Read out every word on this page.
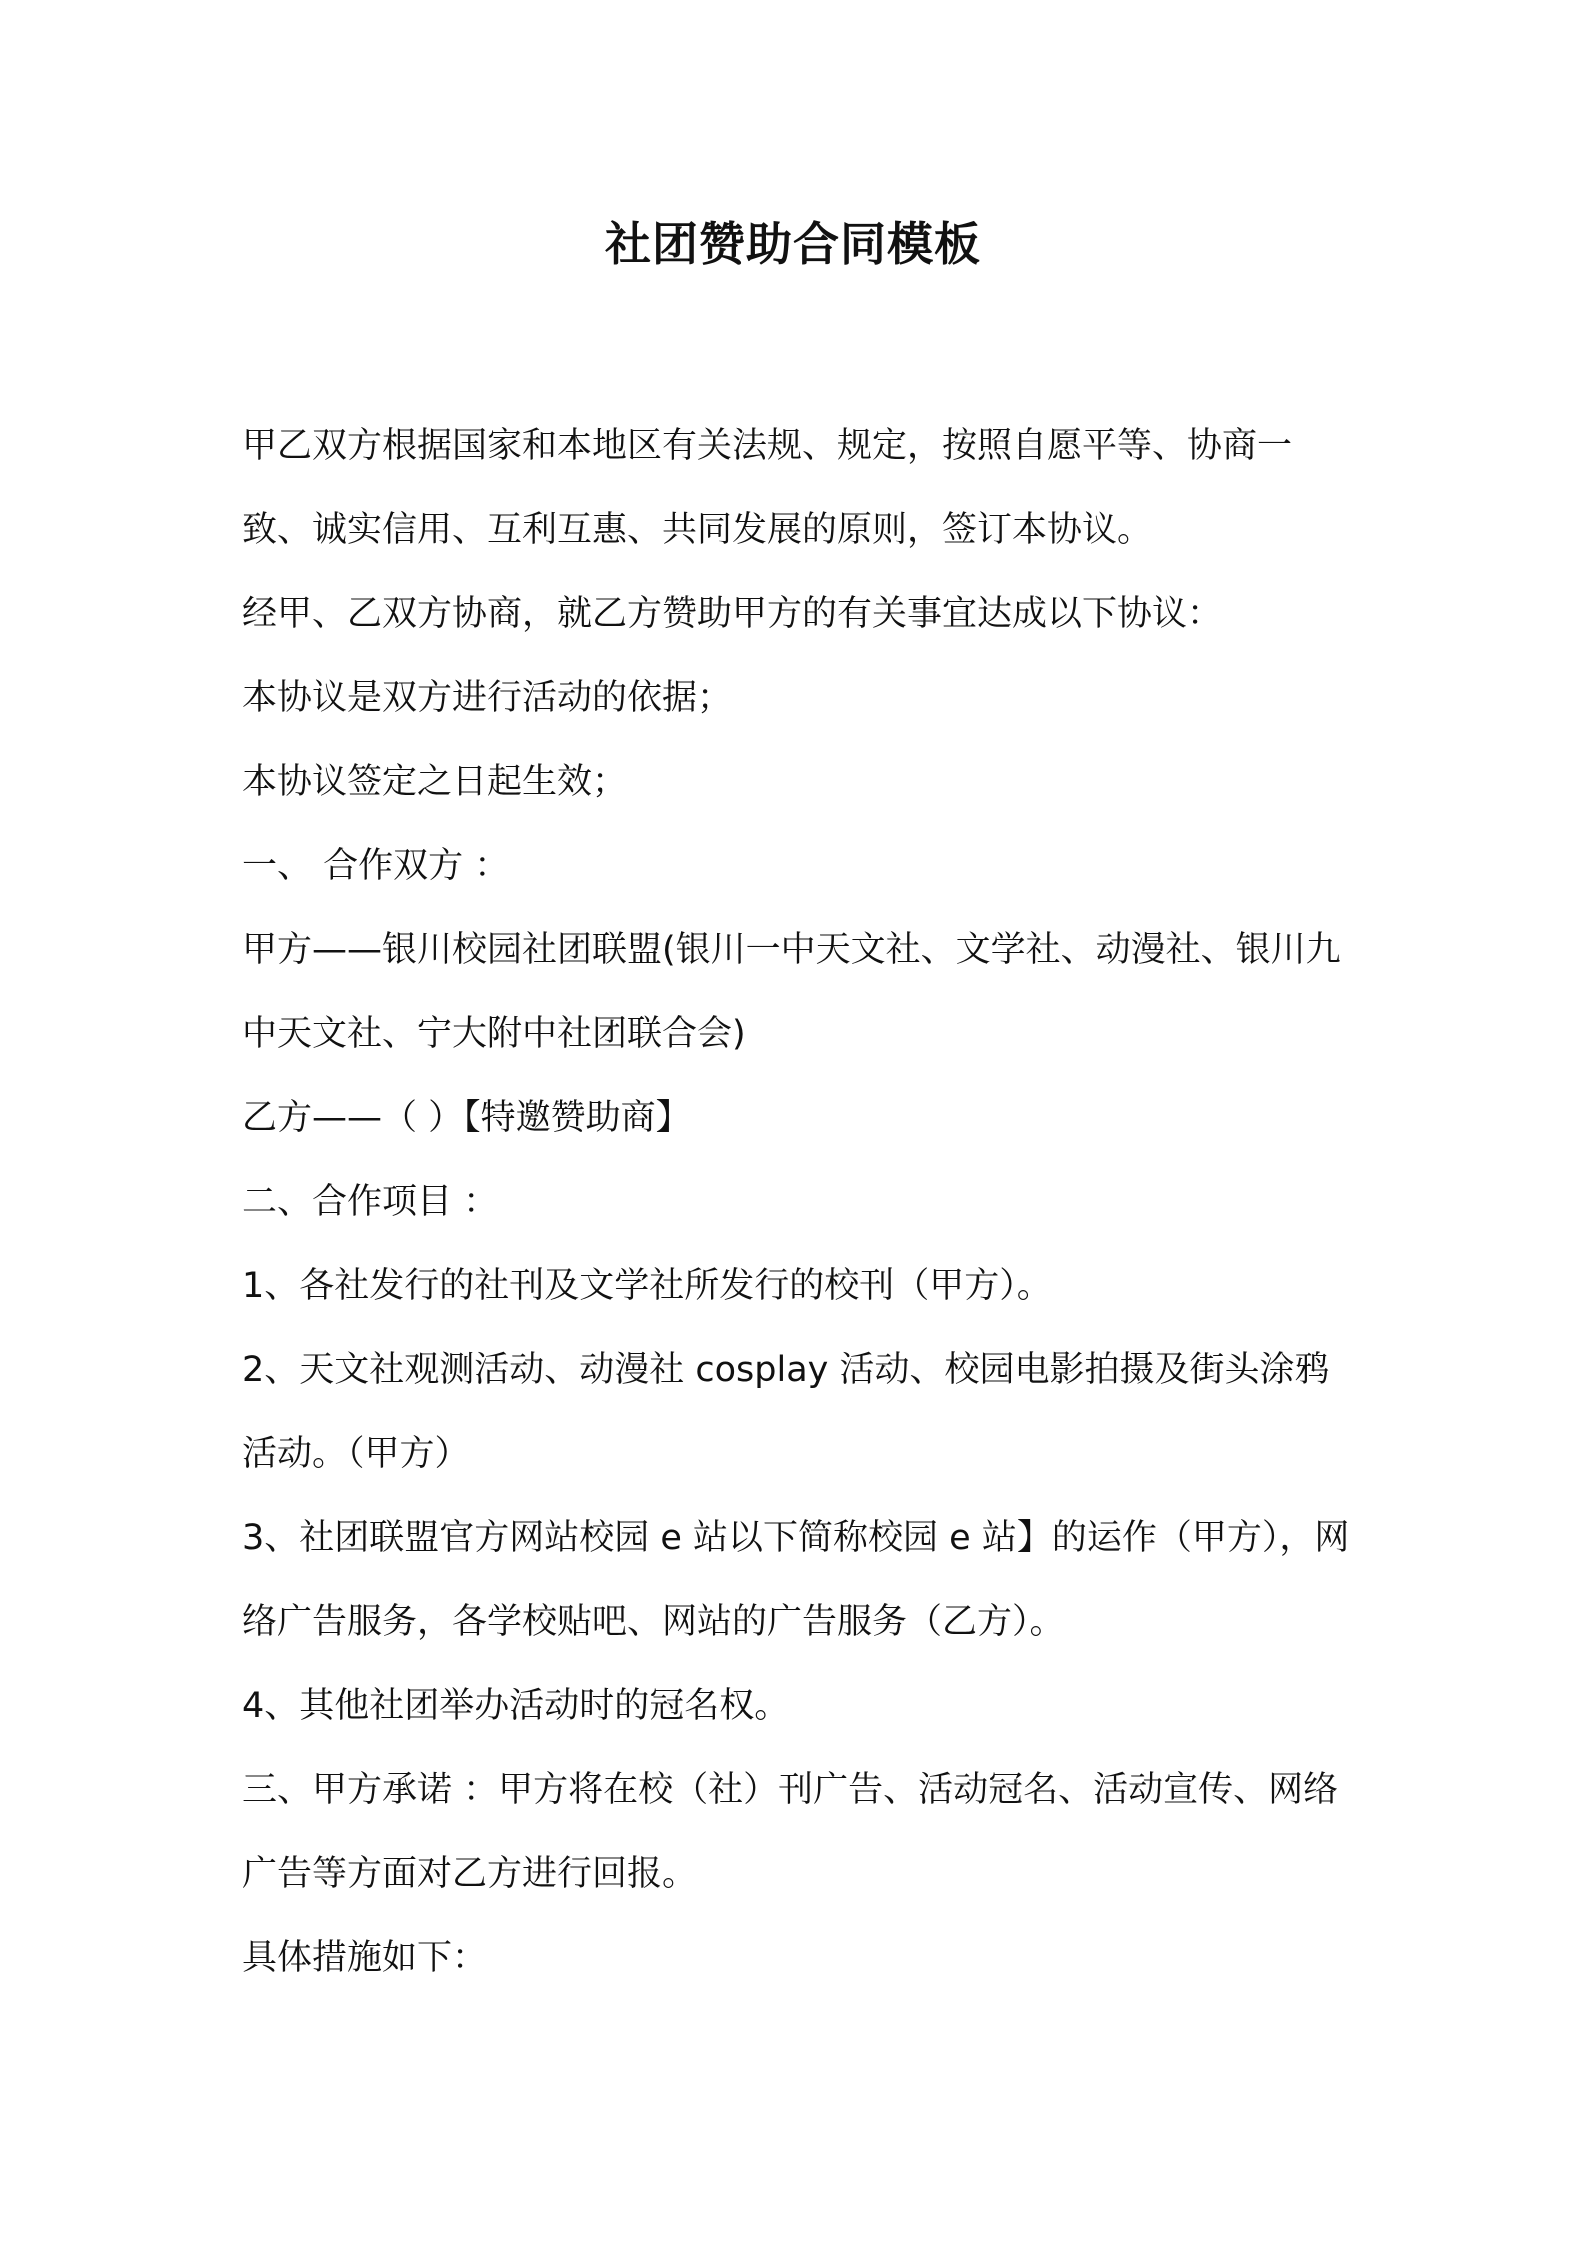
社团赞助合同模板

甲乙双方根据国家和本地区有关法规、规定，按照自愿平等、协商一致、诚实信用、互利互惠、共同发展的原则，签订本协议。

经甲、乙双方协商，就乙方赞助甲方的有关事宜达成以下协议：

本协议是双方进行活动的依据；

本协议签定之日起生效；

一、 合作双方 ：

甲方——银川校园社团联盟(银川一中天文社、文学社、动漫社、银川九中天文社、宁大附中社团联合会)

乙方——（ ）【特邀赞助商】

二、合作项目 ：

1、各社发行的社刊及文学社所发行的校刊（甲方）。

2、天文社观测活动、动漫社 cosplay 活动、校园电影拍摄及街头涂鸦活动。（甲方）

3、社团联盟官方网站校园 e 站以下简称校园 e 站】的运作（甲方），网络广告服务，各学校贴吧、网站的广告服务（乙方）。

4、其他社团举办活动时的冠名权。

三、甲方承诺 ：甲方将在校（社）刊广告、活动冠名、活动宣传、网络广告等方面对乙方进行回报。

具体措施如下：
